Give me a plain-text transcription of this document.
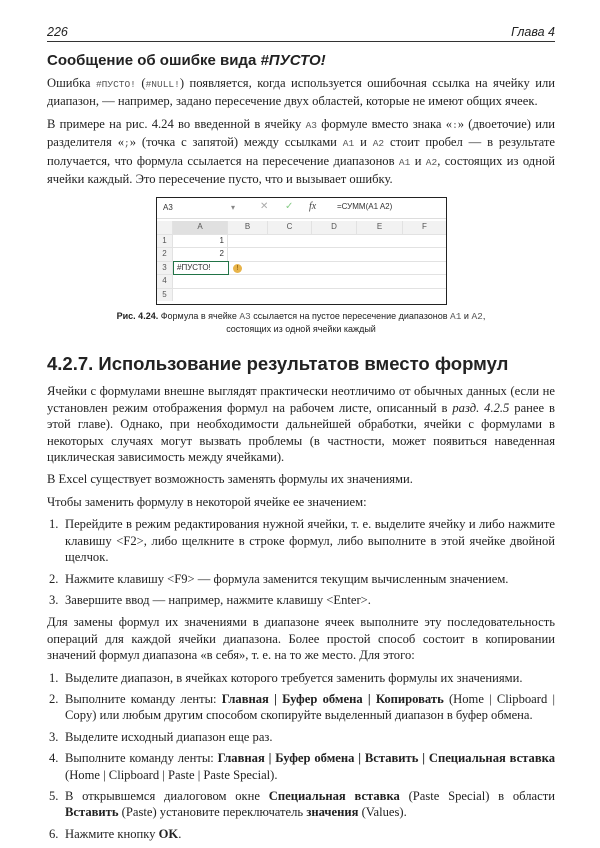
226	Глава 4
Сообщение об ошибке вида #ПУСТО!

Ошибка #ПУСТО! (#NULL!) появляется, когда используется ошибочная ссылка на ячейку или диапазон, — например, задано пересечение двух областей, которые не имеют общих ячеек.

В примере на рис. 4.24 во введенной в ячейку A3 формуле вместо знака «:» (двоеточие) или разделителя «;» (точка с запятой) между ссылками A1 и A2 стоит пробел — в результате получается, что формула ссылается на пересечение диапазонов A1 и A2, состоящих из одной ячейки каждый. Это пересечение пусто, что и вызывает ошибку.

A3	▾ ✕ ✓ fx	=СУММ(A1 A2)
A	B	C	D	E	F
1	1
2	2
3	#ПУСТО!	!
4
5
Рис. 4.24. Формула в ячейке A3 ссылается на пустое пересечение диапазонов A1 и A2,
состоящих из одной ячейки каждый
4.2.7. Использование результатов вместо формул

Ячейки с формулами внешне выглядят практически неотличимо от обычных данных (если не установлен режим отображения формул на рабочем листе, описанный в разд. 4.2.5 ранее в этой главе). Однако, при необходимости дальнейшей обработки, ячейки с формулами в некоторых случаях могут вызвать проблемы (в частности, может появиться наведенная циклическая зависимость между ячейками).

В Excel существует возможность заменять формулы их значениями.

Чтобы заменить формулу в некоторой ячейке ее значением:

1. Перейдите в режим редактирования нужной ячейки, т. е. выделите ячейку и либо нажмите клавишу <F2>, либо щелкните в строке формул, либо выполните в этой ячейке двойной щелчок.
2. Нажмите клавишу <F9> — формула заменится текущим вычисленным значением.
3. Завершите ввод — например, нажмите клавишу <Enter>.

Для замены формул их значениями в диапазоне ячеек выполните эту последовательность операций для каждой ячейки диапазона. Более простой способ состоит в копировании значений формул диапазона «в себя», т. е. на то же место. Для этого:

1. Выделите диапазон, в ячейках которого требуется заменить формулы их значениями.
2. Выполните команду ленты: Главная | Буфер обмена | Копировать (Home | Clipboard | Copy) или любым другим способом скопируйте выделенный диапазон в буфер обмена.
3. Выделите исходный диапазон еще раз.
4. Выполните команду ленты: Главная | Буфер обмена | Вставить | Специальная вставка (Home | Clipboard | Paste | Paste Special).
5. В открывшемся диалоговом окне Специальная вставка (Paste Special) в области Вставить (Paste) установите переключатель значения (Values).
6. Нажмите кнопку OK.
